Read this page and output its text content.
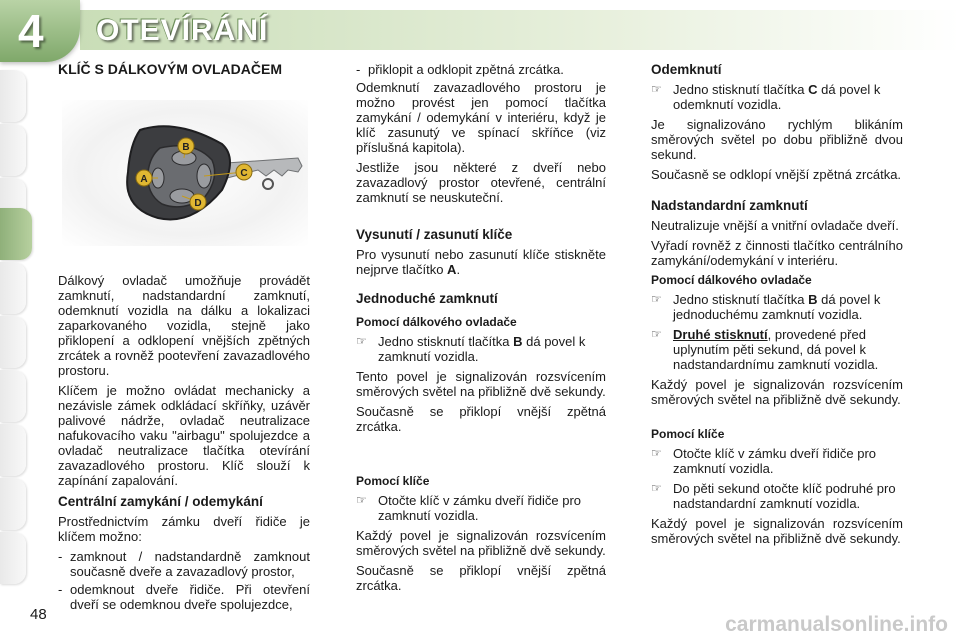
4 OTEVÍRÁNÍ
B
C
D
A
KLÍČ S DÁLKOVÝM OVLADAČEM

Dálkový ovladač umožňuje provádět zamknutí, nadstandardní zamknutí, odemknutí vozidla na dálku a lokalizaci zaparkovaného vozidla, stejně jako přiklopení a odklopení vnějších zpětných zrcátek a rovněž pootevření zavazadlového prostoru.

Klíčem je možno ovládat mechanicky a nezávisle zámek odkládací skříňky, uzávěr palivové nádrže, ovladač neutralizace nafukovacího vaku "airbagu" spolujezdce a ovladač neutralizace tlačítka otevírání zavazadlového prostoru. Klíč slouží k zapínání zapalování.

Centrální zamykání / odemykání

Prostřednictvím zámku dveří řidiče je klíčem možno:

- zamknout / nadstandardně zamknout současně dveře a zavazadlový prostor,
- odemknout dveře řidiče. Při otevření dveří se odemknou dveře spolujezdce,
- přiklopit a odklopit zpětná zrcátka.

Odemknutí zavazadlového prostoru je možno provést jen pomocí tlačítka zamykání / odemykání v interiéru, když je klíč zasunutý ve spínací skříňce (viz příslušná kapitola).

Jestliže jsou některé z dveří nebo zavazadlový prostor otevřené, centrální zamknutí se neuskuteční.

Vysunutí / zasunutí klíče

Pro vysunutí nebo zasunutí klíče stiskněte nejprve tlačítko A.

Jednoduché zamknutí
Pomocí dálkového ovladače
☞ Jedno stisknutí tlačítka B dá povel k zamknutí vozidla.

Tento povel je signalizován rozsvícením směrových světel na přibližně dvě sekundy.

Současně se přiklopí vnější zpětná zrcátka.

Pomocí klíče
☞ Otočte klíč v zámku dveří řidiče pro zamknutí vozidla.

Každý povel je signalizován rozsvícením směrových světel na přibližně dvě sekundy.

Současně se přiklopí vnější zpětná zrcátka.

Odemknutí
☞ Jedno stisknutí tlačítka C dá povel k odemknutí vozidla.

Je signalizováno rychlým blikáním směrových světel po dobu přibližně dvou sekund.

Současně se odklopí vnější zpětná zrcátka.

Nadstandardní zamknutí

Neutralizuje vnější a vnitřní ovladače dveří.

Vyřadí rovněž z činnosti tlačítko centrálního zamykání/odemykání v interiéru.

Pomocí dálkového ovladače
☞ Jedno stisknutí tlačítka B dá povel k jednoduchému zamknutí vozidla.
☞ Druhé stisknutí, provedené před uplynutím pěti sekund, dá povel k nadstandardnímu zamknutí vozidla.

Každý povel je signalizován rozsvícením směrových světel na přibližně dvě sekundy.

Pomocí klíče
☞ Otočte klíč v zámku dveří řidiče pro zamknutí vozidla.
☞ Do pěti sekund otočte klíč podruhé pro nadstandardní zamknutí vozidla.

Každý povel je signalizován rozsvícením směrových světel na přibližně dvě sekundy.

48	carmanualsonline.info
